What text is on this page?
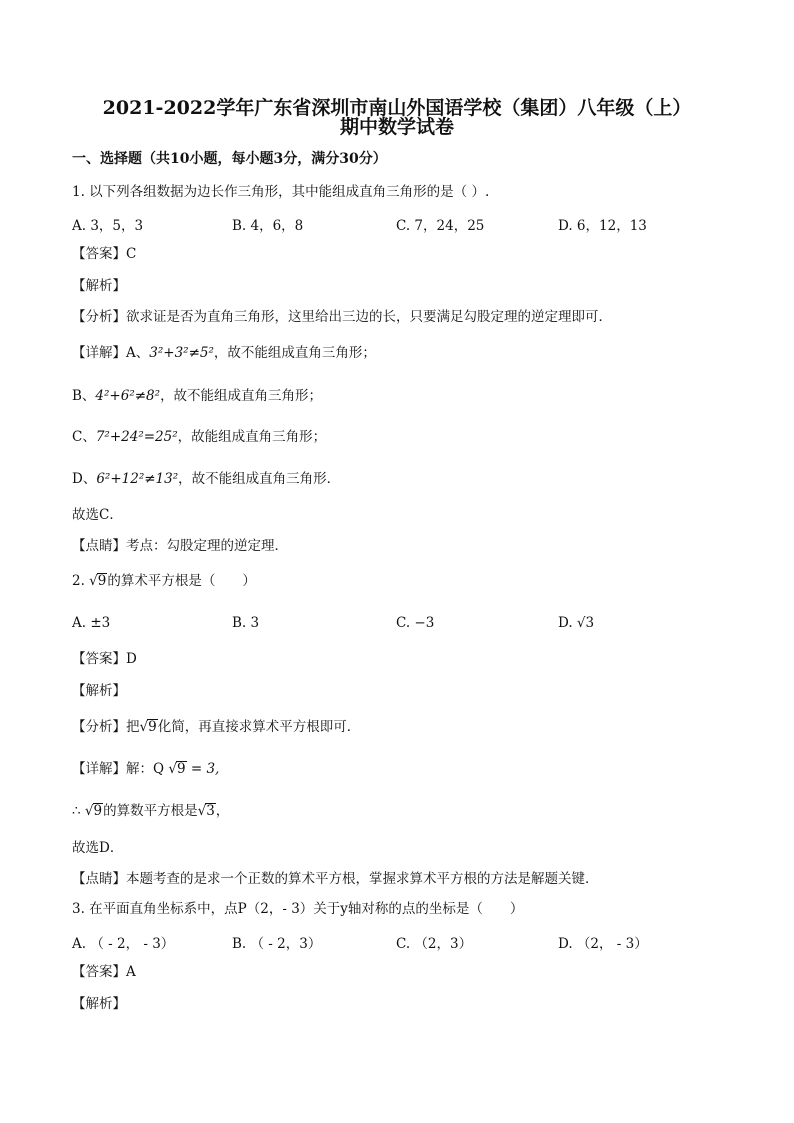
2021-2022学年广东省深圳市南山外国语学校（集团）八年级（上）
期中数学试卷
一、选择题（共10小题，每小题3分，满分30分）
1. 以下列各组数据为边长作三角形，其中能组成直角三角形的是（ ）.
A. 3，5，3	B. 4，6，8	C. 7，24，25	D. 6，12，13
【答案】C
【解析】
【分析】欲求证是否为直角三角形，这里给出三边的长，只要满足勾股定理的逆定理即可．
【详解】A、3²+3²≠5²，故不能组成直角三角形；
B、4²+6²≠8²，故不能组成直角三角形；
C、7²+24²=25²，故能组成直角三角形；
D、6²+12²≠13²，故不能组成直角三角形．
故选C．
【点睛】考点：勾股定理的逆定理．
2. √9的算术平方根是（　　）
A. ±3	B. 3	C. −3	D. √3
【答案】D
【解析】
【分析】把√9化简，再直接求算术平方根即可．
【详解】解：Q √9 = 3,
∴ √9的算数平方根是√3，
故选D．
【点睛】本题考查的是求一个正数的算术平方根，掌握求算术平方根的方法是解题关键．
3. 在平面直角坐标系中，点P（2，- 3）关于y轴对称的点的坐标是（　　）
A. （ - 2， - 3）	B. （ - 2，3）	C. （2，3）	D. （2， - 3）
【答案】A
【解析】
